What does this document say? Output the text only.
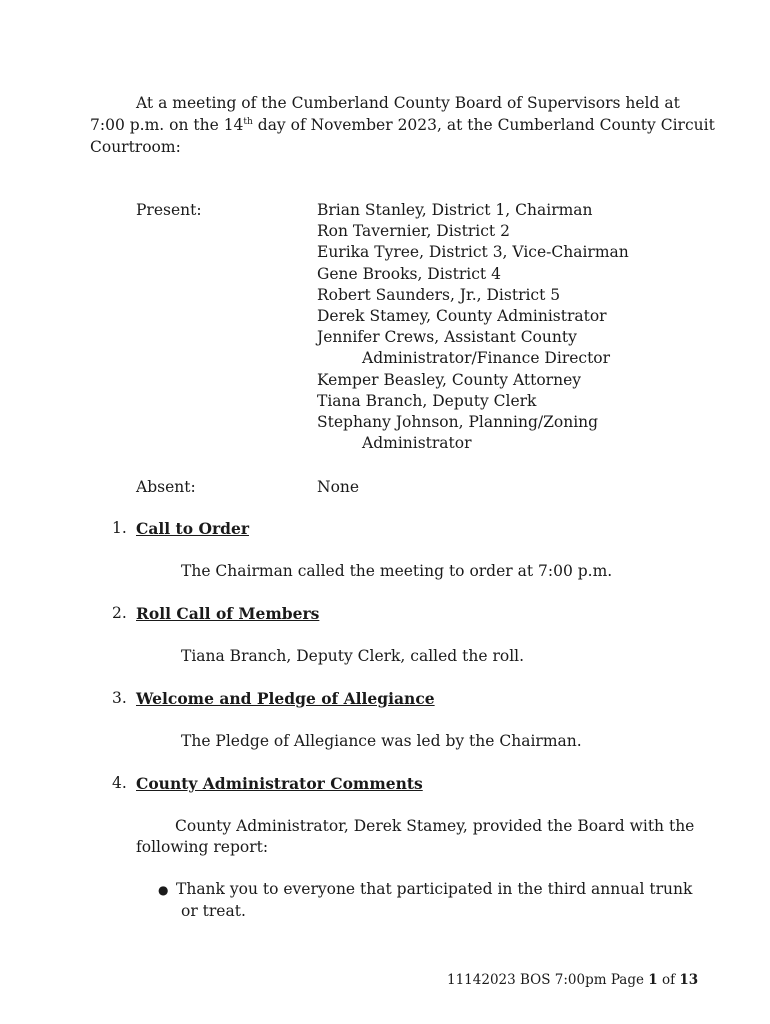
At a meeting of the Cumberland County Board of Supervisors held at
7:00 p.m. on the 14th day of November 2023, at the Cumberland County Circuit
Courtroom:
Present:	Brian Stanley, District 1, Chairman
Ron Tavernier, District 2
Eurika Tyree, District 3, Vice-Chairman
Gene Brooks, District 4
Robert Saunders, Jr., District 5
Derek Stamey, County Administrator
Jennifer Crews, Assistant County
Administrator/Finance Director
Kemper Beasley, County Attorney
Tiana Branch, Deputy Clerk
Stephany Johnson, Planning/Zoning
Administrator
Absent:	None
1. Call to Order
The Chairman called the meeting to order at 7:00 p.m.
2. Roll Call of Members
Tiana Branch, Deputy Clerk, called the roll.
3. Welcome and Pledge of Allegiance
The Pledge of Allegiance was led by the Chairman.
4. County Administrator Comments
County Administrator, Derek Stamey, provided the Board with the
following report:
● Thank you to everyone that participated in the third annual trunk
or treat.
11142023 BOS 7:00pm Page 1 of 13
